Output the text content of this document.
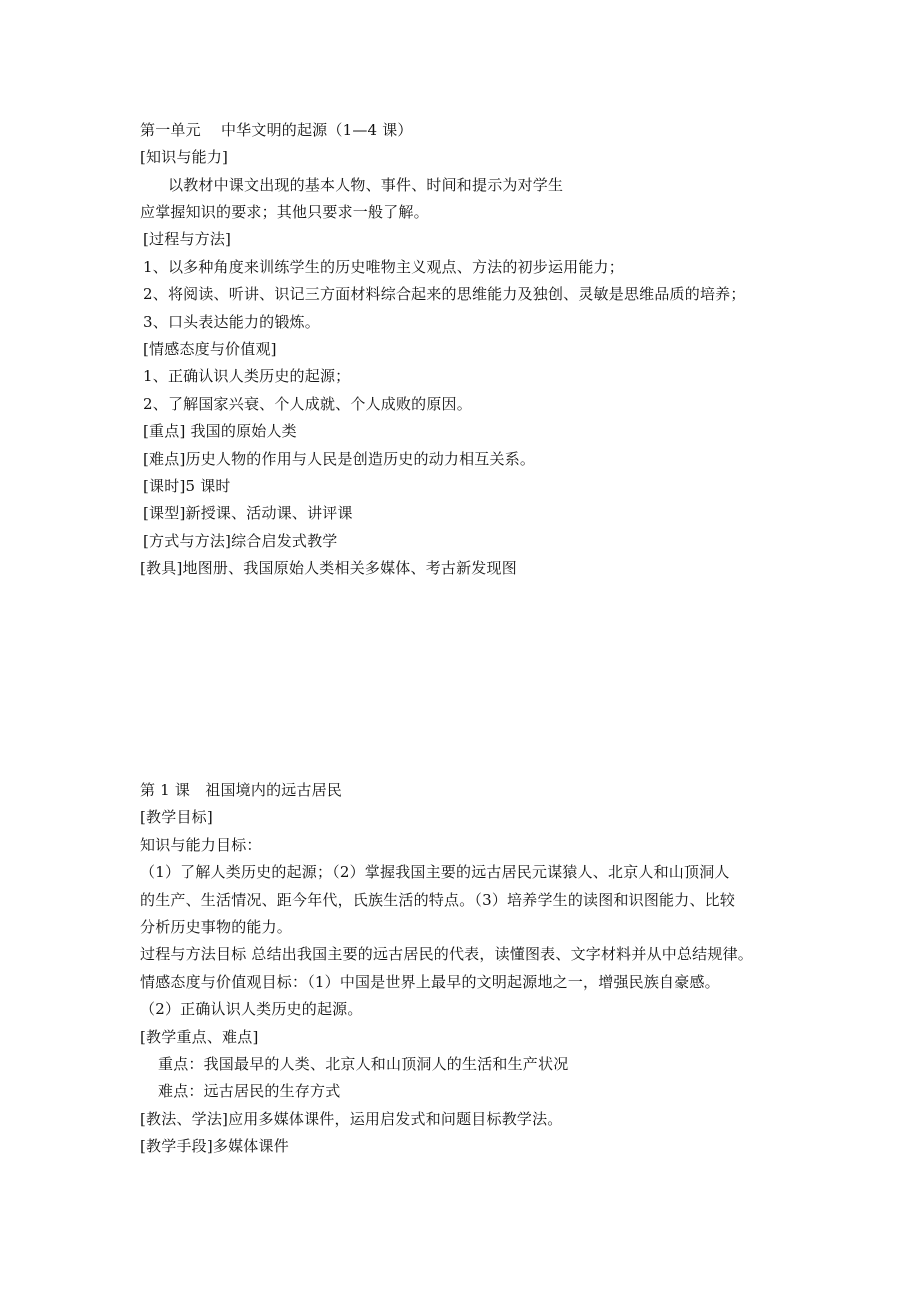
第一单元　 中华文明的起源（1—4 课）
[知识与能力]
以教材中课文出现的基本人物、事件、时间和提示为对学生
应掌握知识的要求；其他只要求一般了解。
[过程与方法]
1、以多种角度来训练学生的历史唯物主义观点、方法的初步运用能力；
2、将阅读、听讲、识记三方面材料综合起来的思维能力及独创、灵敏是思维品质的培养；
3、口头表达能力的锻炼。
[情感态度与价值观]
1、正确认识人类历史的起源；
2、了解国家兴衰、个人成就、个人成败的原因。
[重点] 我国的原始人类
[难点]历史人物的作用与人民是创造历史的动力相互关系。
[课时]5 课时
[课型]新授课、活动课、讲评课
[方式与方法]综合启发式教学
[教具]地图册、我国原始人类相关多媒体、考古新发现图
第 1 课　祖国境内的远古居民
[教学目标]
知识与能力目标：
（1）了解人类历史的起源；（2）掌握我国主要的远古居民元谋猿人、北京人和山顶洞人
的生产、生活情况、距今年代，氏族生活的特点。（3）培养学生的读图和识图能力、比较
分析历史事物的能力。
过程与方法目标 总结出我国主要的远古居民的代表，读懂图表、文字材料并从中总结规律。
情感态度与价值观目标：（1）中国是世界上最早的文明起源地之一，增强民族自豪感。
（2）正确认识人类历史的起源。
[教学重点、难点]
重点：我国最早的人类、北京人和山顶洞人的生活和生产状况
难点：远古居民的生存方式
[教法、学法]应用多媒体课件，运用启发式和问题目标教学法。
[教学手段]多媒体课件
